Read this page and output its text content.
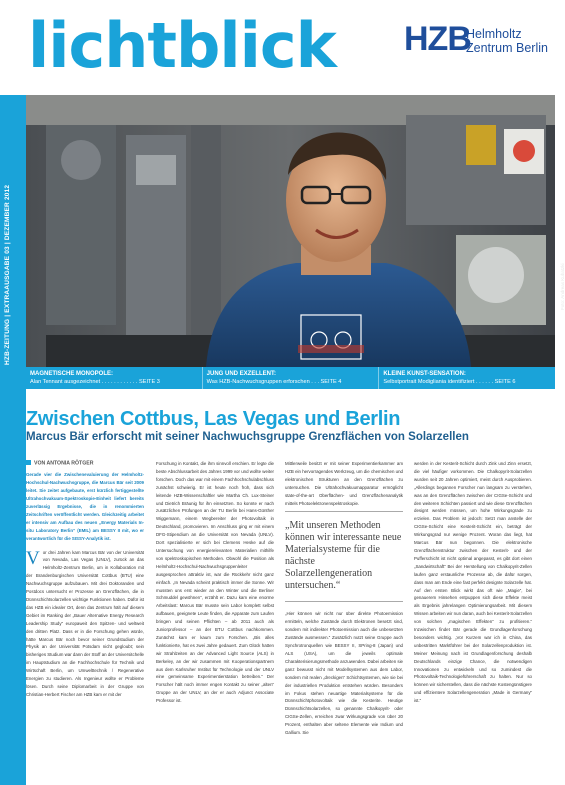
lichtblick HZB
Helmholtz
Zentrum Berlin
HZB-ZEITUNG | EXTRAAUSGABE 03 | DEZEMBER 2012	Foto: Andreas Kubatzki
MAGNETISCHE MONOPOLE:
Alan Tennant ausgezeichnet . . . . . . . . . . . . SEITE 3
JUNG UND EXZELLENT:
Was HZB-Nachwuchsgruppen erforschen . . . SEITE 4
KLEINE KUNST-SENSATION:
Selbstportrait Modigliania identifiziert . . . . . . SEITE 6
Zwischen Cottbus, Las Vegas und Berlin
Marcus Bär erforscht mit seiner Nachwuchsgruppe Grenzflächen von Solarzellen
VON ANTONIA RÖTGER

Gerade vier die Zwischenevaluierung der Helmholtz-Hochschul-Nachwuchsgruppe, die Marcus Bär seit 2009 leitet. Sie zeitet aufgebaute, erst kürzlich fertiggestellte Ultrahochvakuum-Spektroskopie-Einheit liefert bereits zuverlässig Ergebnisse, die in renommierten Zeitschriften veröffentlicht werden. Gleichzeitig arbeitet er intensiv am Aufbau des neuen „Energy Materials In-situ Laboratory Berlin“ (EMIL) am BESSY II mit, wo er verantwortlich für die SISSY-Analytik ist.

Vor drei Jahren kam Marcus Bär von der Universität von Nevada, Las Vegas (UNLV), zurück an das Helmholtz-Zentrum Berlin, um in Kollaboration mit der Brandenburgischen Universität Cottbus (BTU) eine Nachwuchsgruppe aufzubauen. Mit drei Doktoranden und Postdocs untersucht er Prozesse an Grenzflächen, die in Dünnschichtsolarzellen wichtige Funktionen haben. Dafür ist das HZB ein idealer Ort, denn das Zentrum hält auf diesem Gebiet im Ranking der „Bauer Alternative Energy Research Leadership Study“ europaweit den Spitzen- und weltweit den dritten Platz. Dass er in die Forschung gehen würde, hätte Marcus Bär noch bevor seiner Grundstudium der Physik an der Universität Potsdam nicht gegloubt; sein bisheriges Studium war dann der Stoff an der Universitchelle im Hauptstudium an die Fachhochschule für Technik und Wirtschaft Berlin, um Umwelttechnik / Regenerative Energien zu studieren. Als Ingenieur wollte er Probleme lösen. Durch seine Diplomarbeit in der Gruppe von Christian-Herbert Fischer am HZB kam er mit der

Forschung in Kontakt, die ihm sinnvoll erschien. Er legte die beste Abschlussarbeit des Jahres 1999 vor und wollte weiter forschen. Doch das war mit einem Fachhochschulabschluss zunächst schwierig. Er ist heute noch froh, dass sich leitende HZB-Wissenschaftler wie Martha Ch. Lux-Steiner und Dietrich Bräunig für ihn einsetzten. So konnte er nach zusätzlichen Prüfungen an der TU Berlin bei Hans-Günther Wiggemann, einem Wegbereiter der Photovoltaik in Deutschland, promovieren. Im Anschluss ging er mit einem DFG-Stipendium an die Universität von Nevada (UNLV). Dort spezialisierte er sich bei Clemens Heske auf die Untersuchung von energierelevanten Materialien mithilfe von spektroskopischen Methoden. Obwohl die Position als Helmholtz-Hochschul-Nachwuchsgruppenleiter ausgesprochen attraktiv ist, war die Rückkehr nicht ganz einfach. „In Nevada scheint praktisch immer die Sonne. Wir mussten uns erst wieder an den Winter und die Berliner Schmuddel gewöhnen“, erzählt er. Dazu kam eine enorme Arbeitslast: Marcus Bär musste sein Labor komplett selbst aufbauen, geeignete Leute finden, die Apparate zum Laufen bringen und seinen Pflichten – ab 2011 auch als Juniorprofessor – an der BTU Cottbus nachkommen. Zunächst kam er kaum zum Forschen. „Bis alles funktionierte, hat es zwei Jahre gedauert. Zum Glück hatten wir Strahlzeiten an der Advanced Light Source (ALS) in Berkeley, an der wir zusammen mit Kooperationspartnern aus dem Karlsruher Institut für Technologie und der UNLV eine gemeinsame Experimentierstation betreiben.“ Der Forscher hält noch immer engen Kontakt zu seiner „alten“ Gruppe an der UNLV, an der er auch Adjunct Associate Professor ist.

Mittlerweile besitzt er mit seiner Experimentierkammer am HZB ein hervorragendes Werkzeug, um die chemischen und elektronischen Strukturen an den Grenzflächen zu untersuchen. Die Ultrahochvakuumapparatur ermöglicht state-of-the-art Oberflächen- und Grenzflächenanalytik mittels Photoelektronenspektroskopie.

„Mit unseren Methoden können wir interessante neue Materialsysteme für die nächste Solarzellengeneration untersuchen.“

„Hier können wir nicht nur über direkte Photoemission ermitteln, welche Zustände durch Elektronen besetzt sind, sondern mit indirekter Photoemission auch die unbesetzten Zustände ausmessen.“ Zusätzlich nutzt seine Gruppe auch Synchrotronquellen wie BESSY II, SPring-8 (Japan) und ALS (USA), um die jeweils optimale Charakterisierungsmethode anzuwenden. Dabei arbeiten sie ganz bewusst nicht mit Modellsystemen aus dem Labor, sondern mit realen „dreckigen“ Schichtsystemen, wie sie bei der industriellen Produktion entstehen würden. Besonders im Fokus stehen neuartige Materialsysteme für die Dünnschichtphotovoltaik wie die Kesterite. Heutige Dünnschichtsolarzellen, so genannte Chalkopyrit- oder CIGSe-Zellen, erreichen zwar Wirkungsgrade von über 20 Prozent, enthalten aber seltene Elemente wie Indium und Gallium. Sie

werden in der Kesterit-Schicht durch Zink und Zinn ersetzt, die viel häufiger vorkommen. Die Chalkopyrit-Solarzellen wurden seit 20 Jahren optimiert, meist durch Ausprobieren. „Allerdings begannen Forscher nun langsam zu verstehen, was an den Grenzflächen zwischen der CIGSe-Schicht und den weiteren Schichten passiert und wie diese Grenzflächen designt werden müssen, um hohe Wirkungsgrade zu erzielen. Das Problem ist jedoch: Setzt man anstelle der CIGSe-Schicht eine Kesterit-Schicht ein, beträgt der Wirkungsgrad nur wenige Prozent. Woran das liegt, hat Marcus Bär nun begonnen. Die elektronische Grenzflächenstruktur zwischen der Kesterit- und der Pufferschicht ist nicht optimal angepasst, es gibt dort einen „Sandwirtschaft“ Bei der Herstellung von Chalkopyrit-Zellen laufen ganz erstaunliche Prozesse ab, die dafür sorgen, dass man am Ende eine fast perfekt designte Solarzelle hat. Auf den ersten Blick wirkt das oft wie „Magie“, bei genauerem Hinsehen entpuppen sich diese Effekte meist als Ergebnis jahrelangen Optimierungsarbeit. Mit diesem Wissen arbeiten wir nun daran, auch bei Kesterit-Solarzellen von solchen „magischen Effekten“ zu profitieren.“ Inzwischen findet Bär gerade die Grundlagenforschung besonders wichtig. „Vor Kurzem war ich in China, das unbestritten Marktführer bei der Solarzellenproduktion ist. Meiner Meinung nach ist Grundlagenforschung deshalb Deutschlands einzige Chance, die notwendigen Innovationen zu entwickeln und so zumindest die Photovoltaik-Technologieführerschaft zu halten. Nur so können wir sicherstellen, dass die nächste Kostengünstigere und effizientere Solarzellengeneration „Made in Germany“ ist.“
